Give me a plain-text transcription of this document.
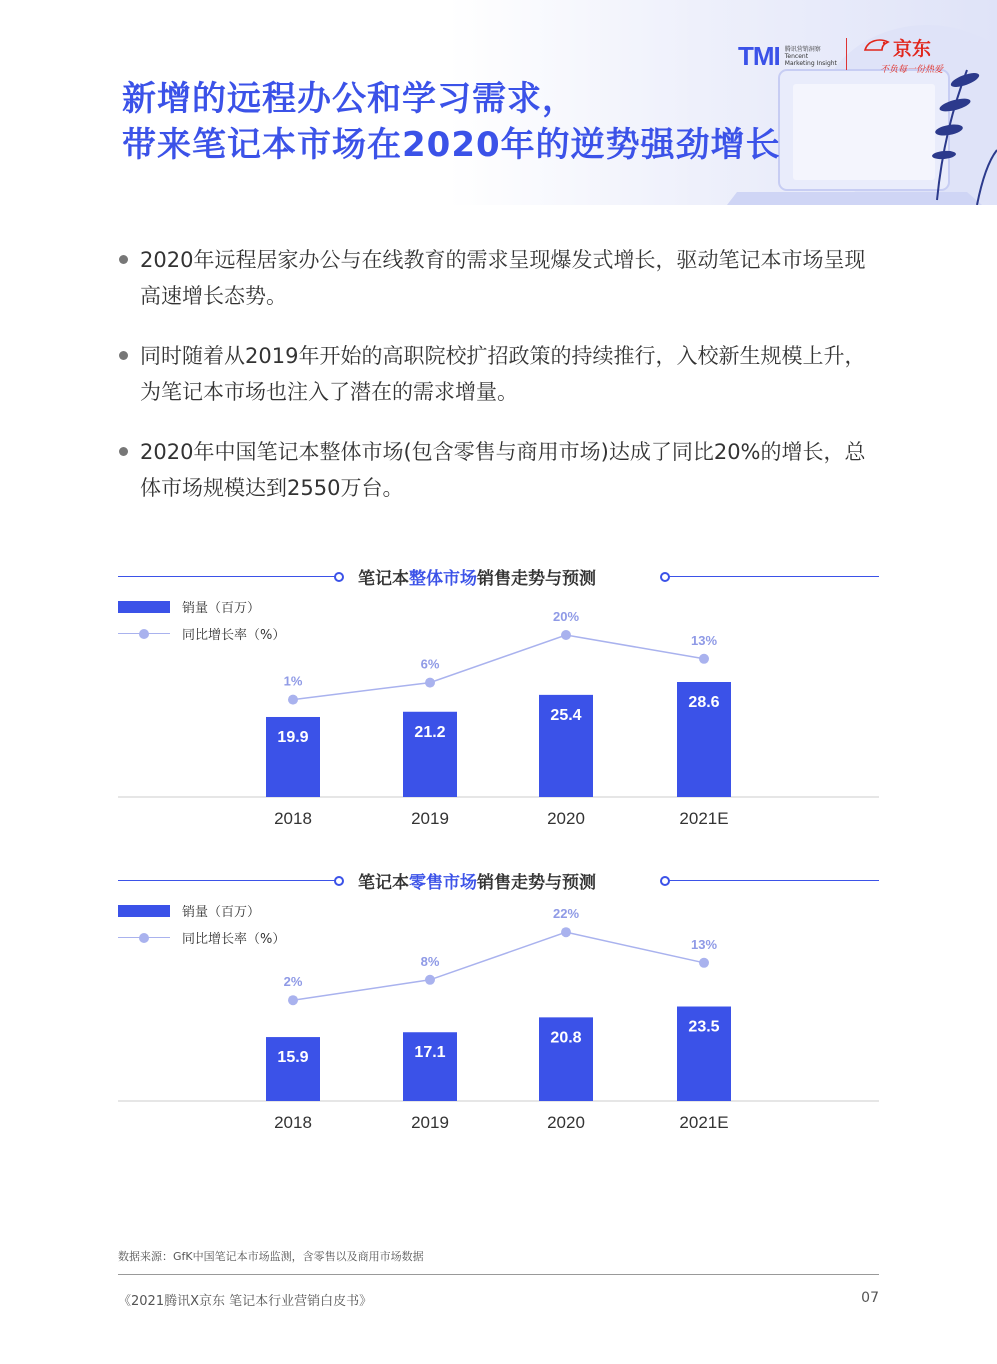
TMI 腾讯营销洞察
Tencent
Marketing Insight
京东
不负每一份热爱
新增的远程办公和学习需求，
带来笔记本市场在2020年的逆势强劲增长
2020年远程居家办公与在线教育的需求呈现爆发式增长，驱动笔记本市场呈现高速增长态势。
同时随着从2019年开始的高职院校扩招政策的持续推行，入校新生规模上升，为笔记本市场也注入了潜在的需求增量。
2020年中国笔记本整体市场(包含零售与商用市场)达成了同比20%的增长，总体市场规模达到2550万台。
笔记本整体市场销售走势与预测
销量（百万）
同比增长率（%）
19.9
2018
21.2
2019
25.4
2020
28.6
2021E
1%
6%
20%
13%
笔记本零售市场销售走势与预测
销量（百万）
同比增长率（%）
15.9
2018
17.1
2019
20.8
2020
23.5
2021E
2%
8%
22%
13%
数据来源：GfK中国笔记本市场监测，含零售以及商用市场数据
《2021腾讯X京东 笔记本行业营销白皮书》	07
